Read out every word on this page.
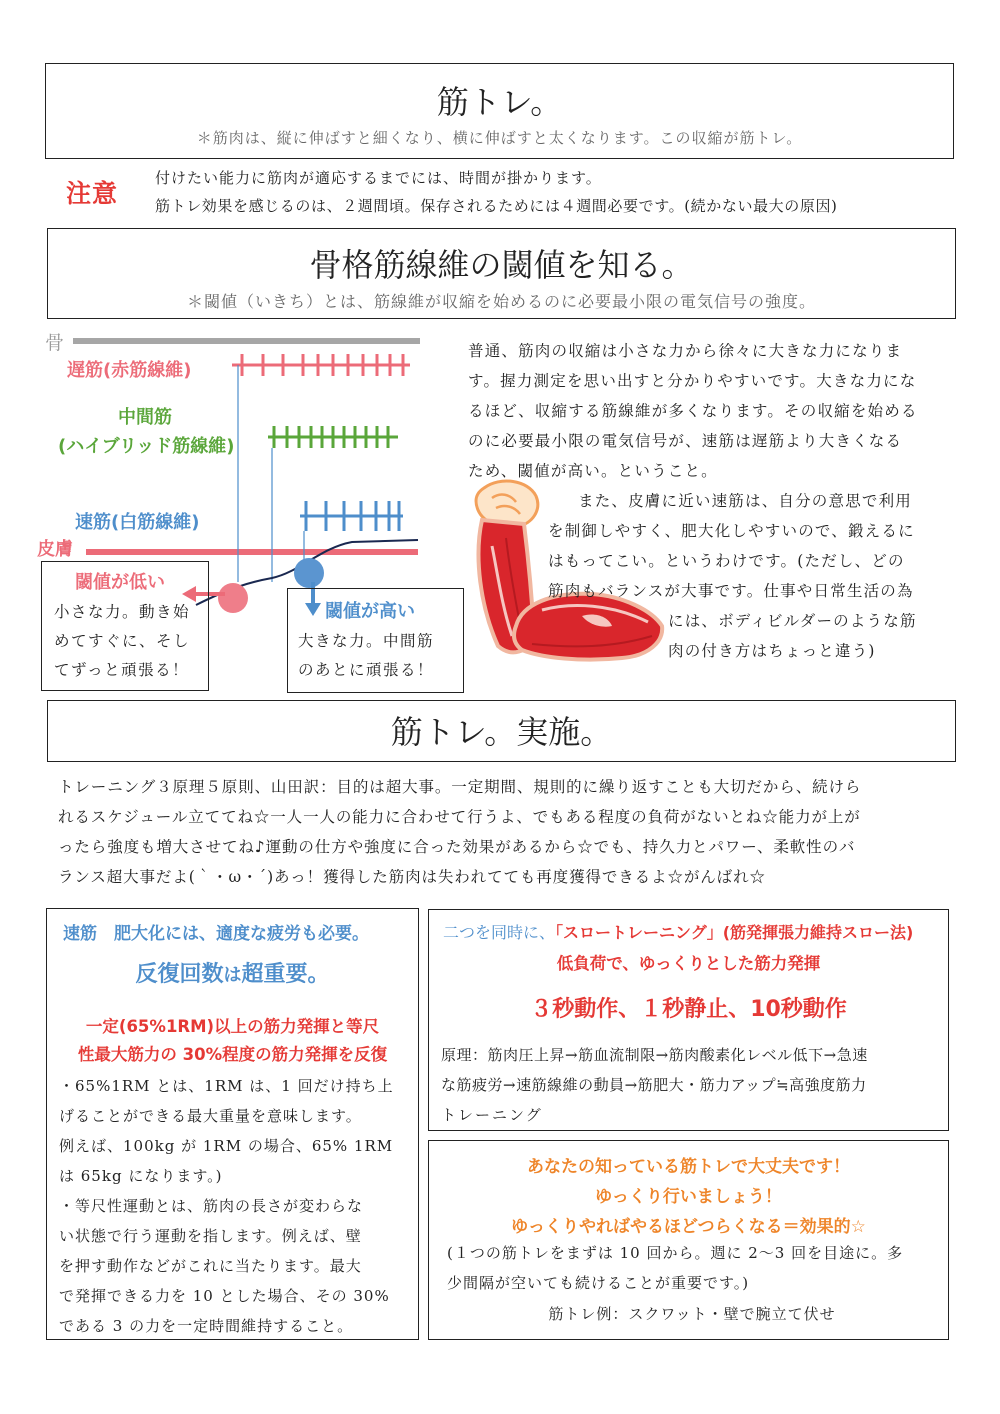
筋トレ。
＊筋肉は、縦に伸ばすと細くなり、横に伸ばすと太くなります。この収縮が筋トレ。
注意
付けたい能力に筋肉が適応するまでには、時間が掛かります。
筋トレ効果を感じるのは、２週間頃。保存されるためには４週間必要です。(続かない最大の原因)
骨格筋線維の閾値を知る。
＊閾値（いきち）とは、筋線維が収縮を始めるのに必要最小限の電気信号の強度。
骨
遅筋(赤筋線維)
中間筋
(ハイブリッド筋線維)
速筋(白筋線維)
皮膚
閾値が低い
小さな力。動き始
めてすぐに、そし
てずっと頑張る！
閾値が高い
大きな力。中間筋
のあとに頑張る！
普通、筋肉の収縮は小さな力から徐々に大きな力になりま
す。握力測定を思い出すと分かりやすいです。大きな力にな
るほど、収縮する筋線維が多くなります。その収縮を始める
のに必要最小限の電気信号が、速筋は遅筋より大きくなる
ため、閾値が高い。ということ。
また、皮膚に近い速筋は、自分の意思で利用
を制御しやすく、肥大化しやすいので、鍛えるに
はもってこい。というわけです。(ただし、どの
筋肉もバランスが大事です。仕事や日常生活の為
には、ボディビルダーのような筋
肉の付き方はちょっと違う)
筋トレ。実施。
トレーニング３原理５原則、山田訳：目的は超大事。一定期間、規則的に繰り返すことも大切だから、続けら
れるスケジュール立ててね☆一人一人の能力に合わせて行うよ、でもある程度の負荷がないとね☆能力が上が
ったら強度も増大させてね♪運動の仕方や強度に合った効果があるから☆でも、持久力とパワー、柔軟性のバ
ランス超大事だよ(｀・ω・´)あっ！獲得した筋肉は失われてても再度獲得できるよ☆がんばれ☆
速筋　肥大化には、適度な疲労も必要。
反復回数は超重要。
一定(65%1RM)以上の筋力発揮と等尺
性最大筋力の 30%程度の筋力発揮を反復
・65%1RM とは、1RM は、1 回だけ持ち上
げることができる最大重量を意味します。
例えば、100kg が 1RM の場合、65% 1RM
は 65kg になります。)
・等尺性運動とは、筋肉の長さが変わらな
い状態で行う運動を指します。例えば、壁
を押す動作などがこれに当たります。最大
で発揮できる力を 10 とした場合、その 30%
である 3 の力を一定時間維持すること。
二つを同時に、「スロートレーニング」(筋発揮張力維持スロー法)
低負荷で、ゆっくりとした筋力発揮
３秒動作、１秒静止、10秒動作
原理：筋肉圧上昇→筋血流制限→筋肉酸素化レベル低下→急速
な筋疲労→速筋線維の動員→筋肥大・筋力アップ≒高強度筋力
トレーニング
あなたの知っている筋トレで大丈夫です！
ゆっくり行いましょう！
ゆっくりやればやるほどつらくなる＝効果的☆
(１つの筋トレをまずは 10 回から。週に 2〜3 回を目途に。多
少間隔が空いても続けることが重要です。)
筋トレ例：スクワット・壁で腕立て伏せ
